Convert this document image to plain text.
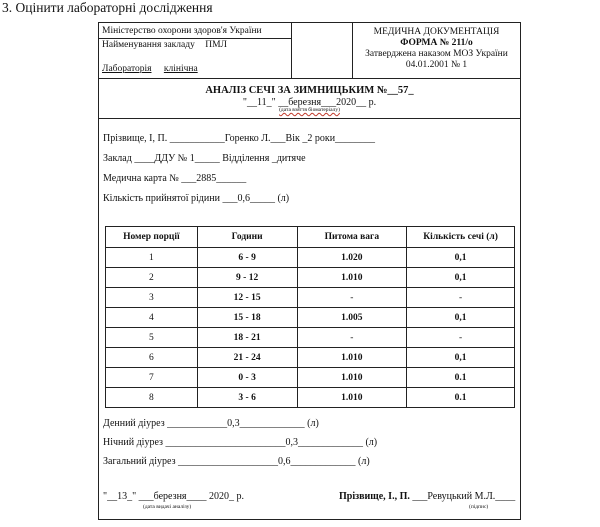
3. Оцінити лабораторні дослідження
Міністерство охорони здоров'я України
Найменування закладу ПМЛ
Лабораторія клінічна
МЕДИЧНА ДОКУМЕНТАЦІЯ
ФОРМА № 211/о
Затверджена наказом МОЗ України
04.01.2001 № 1
АНАЛІЗ СЕЧІ ЗА ЗИМНИЦЬКИМ №__57_
"__11_" __березня___2020__ р.
(дата взяття біоматеріалу)
Прізвище, І, П. ___________Горенко Л.___Вік _2 роки________
Заклад ____ДДУ № 1_____ Відділення _дитяче
Медична карта № ___2885______
Кількість прийнятої рідини ___0,6_____ (л)
Номер порції	Години	Питома вага	Кількість сечі (л)
1	6 - 9	1.020	0,1
2	9 - 12	1.010	0,1
3	12 - 15	-	-
4	15 - 18	1.005	0,1
5	18 - 21	-	-
6	21 - 24	1.010	0,1
7	0 - 3	1.010	0.1
8	3 - 6	1.010	0.1
Денний діурез ____________0,3_____________ (л)
Нічний діурез ________________________0,3_____________ (л)
Загальний діурез ____________________0,6_____________ (л)
"__13_" ___березня____ 2020_ р.
(дата видачі аналізу)
Прізвище, І., П. ___Ревуцький М.Л.____
(підпис)
